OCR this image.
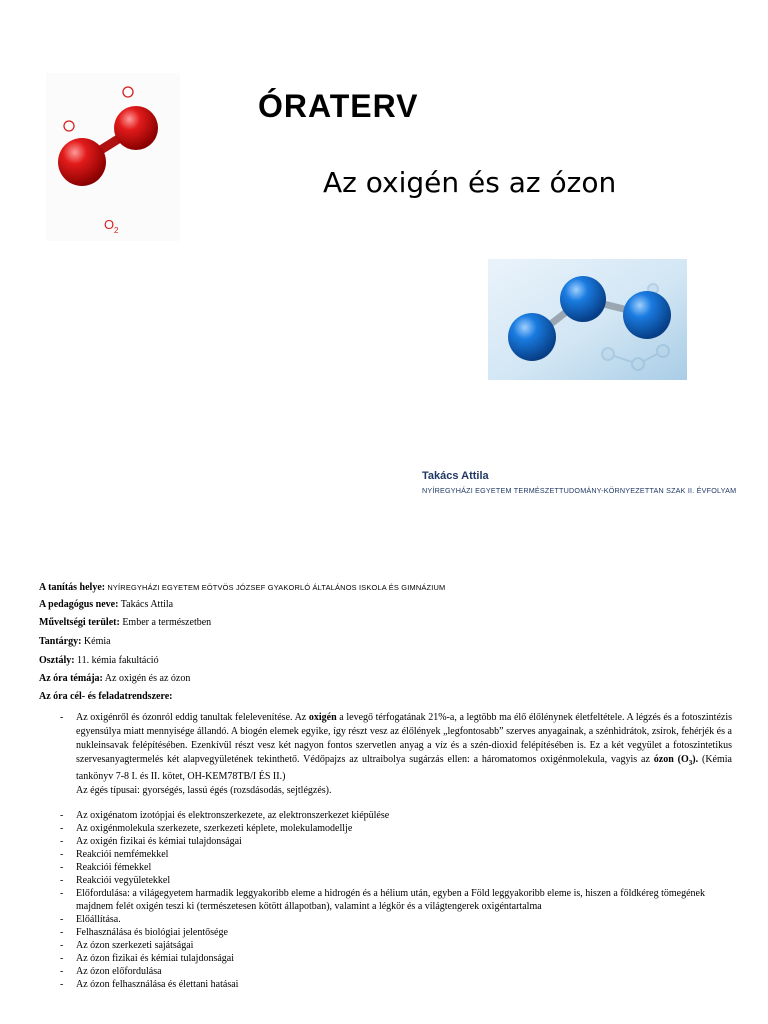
O 2
ÓRATERV
Az oxigén és az ózon
Takács Attila
NYÍREGYHÁZI EGYETEM TERMÉSZETTUDOMÁNY-KÖRNYEZETTAN SZAK II. ÉVFOLYAM
A tanítás helye: NYÍREGYHÁZI EGYETEM EÖTVÖS JÓZSEF GYAKORLÓ ÁLTALÁNOS ISKOLA ÉS GIMNÁZIUM
A pedagógus neve: Takács Attila
Műveltségi terület: Ember a természetben
Tantárgy: Kémia
Osztály: 11. kémia fakultáció
Az óra témája: Az oxigén és az ózon
Az óra cél- és feladatrendszere:
- Az oxigénről és ózonról eddig tanultak felelevenítése. Az oxigén a levegő térfogatának 21%-a, a legtöbb ma élő élőlénynek életfeltétele. A légzés és a fotoszintézis egyensúlya miatt mennyisége állandó. A biogén elemek egyike, így részt vesz az élőlények „legfontosabb” szerves anyagainak, a szénhidrátok, zsírok, fehérjék és a nukleinsavak felépítésében. Ezenkívül részt vesz két nagyon fontos szervetlen anyag a víz és a szén-dioxid felépítésében is. Ez a két vegyület a fotoszintetikus szervesanyagtermelés két alapvegyületének tekinthető. Védőpajzs az ultraibolya sugárzás ellen: a háromatomos oxigénmolekula, vagyis az ózon $(O_3)$. (Kémia tankönyv 7-8 I. és II. kötet, OH-KEM78TB/I ÉS II.)
Az égés típusai: gyorségés, lassú égés (rozsdásodás, sejtlégzés).
- Az oxigénatom izotópjai és elektronszerkezete, az elektronszerkezet kiépülése
- Az oxigénmolekula szerkezete, szerkezeti képlete, molekulamodellje
- Az oxigén fizikai és kémiai tulajdonságai
- Reakciói nemfémekkel
- Reakciói fémekkel
- Reakciói vegyületekkel
- Előfordulása: a világegyetem harmadik leggyakoribb eleme a hidrogén és a hélium után, egyben a Föld leggyakoribb eleme is, hiszen a földkéreg tömegének majdnem felét oxigén teszi ki (természetesen kötött állapotban), valamint a légkör és a világtengerek oxigéntartalma
- Előállítása.
- Felhasználása és biológiai jelentősége
- Az ózon szerkezeti sajátságai
- Az ózon fizikai és kémiai tulajdonságai
- Az ózon előfordulása
- Az ózon felhasználása és élettani hatásai
